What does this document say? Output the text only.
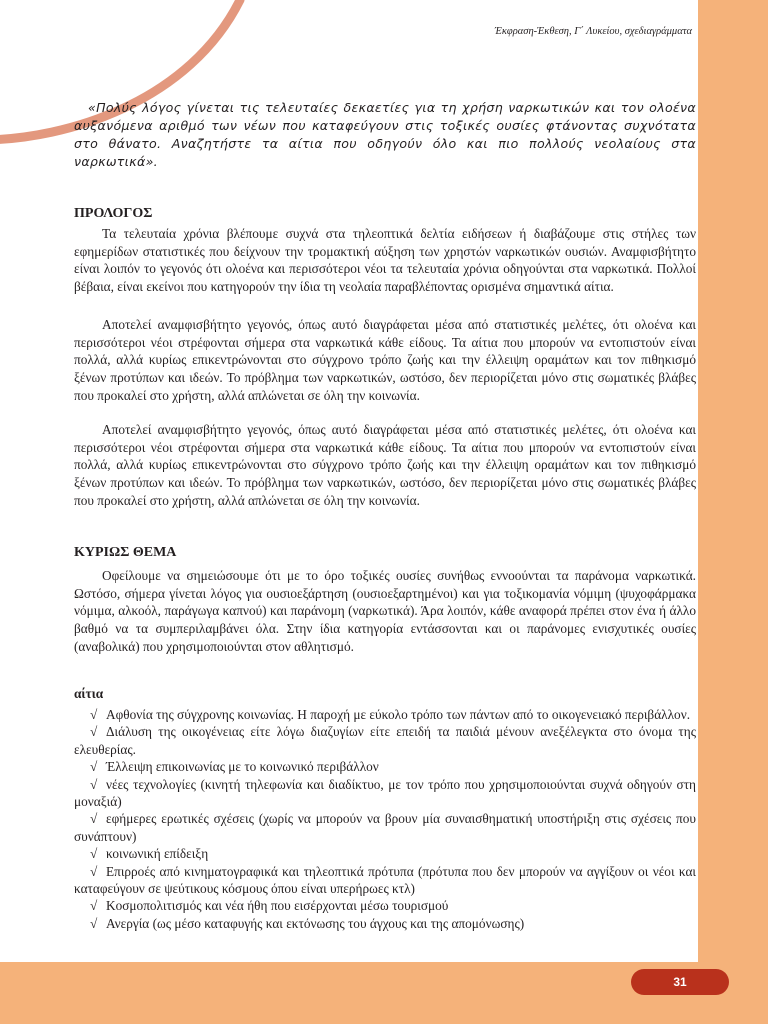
Έκφραση-Έκθεση, Γ΄ Λυκείου, σχεδιαγράμματα
«Πολύς λόγος γίνεται τις τελευταίες δεκαετίες για τη χρήση ναρκωτικών και τον ολοένα αυξανόμενα αριθμό των νέων που καταφεύγουν στις τοξικές ουσίες φτάνοντας συχνότατα στο θάνατο. Αναζητήστε τα αίτια που οδηγούν όλο και πιο πολλούς νεολαίους στα ναρκωτικά».
ΠΡΟΛΟΓΟΣ
Τα τελευταία χρόνια βλέπουμε συχνά στα τηλεοπτικά δελτία ειδήσεων ή διαβάζουμε στις στήλες των εφημερίδων στατιστικές που δείχνουν την τρομακτική αύξηση των χρηστών ναρκωτικών ουσιών. Αναμφισβήτητο είναι λοιπόν το γεγονός ότι ολοένα και περισσότεροι νέοι τα τελευταία χρόνια οδηγούνται στα ναρκωτικά. Πολλοί βέβαια, είναι εκείνοι που κατηγορούν την ίδια τη νεολαία παραβλέποντας ορισμένα σημαντικά αίτια.
Αποτελεί αναμφισβήτητο γεγονός, όπως αυτό διαγράφεται μέσα από στατιστικές μελέτες, ότι ολοένα και περισσότεροι νέοι στρέφονται σήμερα στα ναρκωτικά κάθε είδους. Τα αίτια που μπορούν να εντοπιστούν είναι πολλά, αλλά κυρίως επικεντρώνονται στο σύγχρονο τρόπο ζωής και την έλλειψη οραμάτων και τον πιθηκισμό ξένων προτύπων και ιδεών. Το πρόβλημα των ναρκωτικών, ωστόσο, δεν περιορίζεται μόνο στις σωματικές βλάβες που προκαλεί στο χρήστη, αλλά απλώνεται σε όλη την κοινωνία.
Αποτελεί αναμφισβήτητο γεγονός, όπως αυτό διαγράφεται μέσα από στατιστικές μελέτες, ότι ολοένα και περισσότεροι νέοι στρέφονται σήμερα στα ναρκωτικά κάθε είδους. Τα αίτια που μπορούν να εντοπιστούν είναι πολλά, αλλά κυρίως επικεντρώνονται στο σύγχρονο τρόπο ζωής και την έλλειψη οραμάτων και τον πιθηκισμό ξένων προτύπων και ιδεών. Το πρόβλημα των ναρκωτικών, ωστόσο, δεν περιορίζεται μόνο στις σωματικές βλάβες που προκαλεί στο χρήστη, αλλά απλώνεται σε όλη την κοινωνία.
ΚΥΡΙΩΣ ΘΕΜΑ
Οφείλουμε να σημειώσουμε ότι με το όρο τοξικές ουσίες συνήθως εννοούνται τα παράνομα ναρκωτικά. Ωστόσο, σήμερα γίνεται λόγος για ουσιοεξάρτηση (ουσιοεξαρτημένοι) και για τοξικομανία νόμιμη (ψυχοφάρμακα νόμιμα, αλκοόλ, παράγωγα καπνού) και παράνομη (ναρκωτικά). Άρα λοιπόν, κάθε αναφορά πρέπει στον ένα ή άλλο βαθμό να τα συμπεριλαμβάνει όλα. Στην ίδια κατηγορία εντάσσονται και οι παράνομες ενισχυτικές ουσίες (αναβολικά) που χρησιμοποιούνται στον αθλητισμό.
αίτια
√ Αφθονία της σύγχρονης κοινωνίας. Η παροχή με εύκολο τρόπο των πάντων από το οικογενειακό περιβάλλον.
√ Διάλυση της οικογένειας είτε λόγω διαζυγίων είτε επειδή τα παιδιά μένουν ανεξέλεγκτα στο όνομα της ελευθερίας.
√ Έλλειψη επικοινωνίας με το κοινωνικό περιβάλλον
√ νέες τεχνολογίες (κινητή τηλεφωνία και διαδίκτυο, με τον τρόπο που χρησιμοποιούνται συχνά οδηγούν στη μοναξιά)
√ εφήμερες ερωτικές σχέσεις (χωρίς να μπορούν να βρουν μία συναισθηματική υποστήριξη στις σχέσεις που συνάπτουν)
√ κοινωνική επίδειξη
√ Επιρροές από κινηματογραφικά και τηλεοπτικά πρότυπα (πρότυπα που δεν μπορούν να αγγίξουν οι νέοι και καταφεύγουν σε ψεύτικους κόσμους όπου είναι υπερήρωες κτλ)
√ Κοσμοπολιτισμός και νέα ήθη που εισέρχονται μέσω τουρισμού
√ Ανεργία (ως μέσο καταφυγής και εκτόνωσης του άγχους και της απομόνωσης)
31
